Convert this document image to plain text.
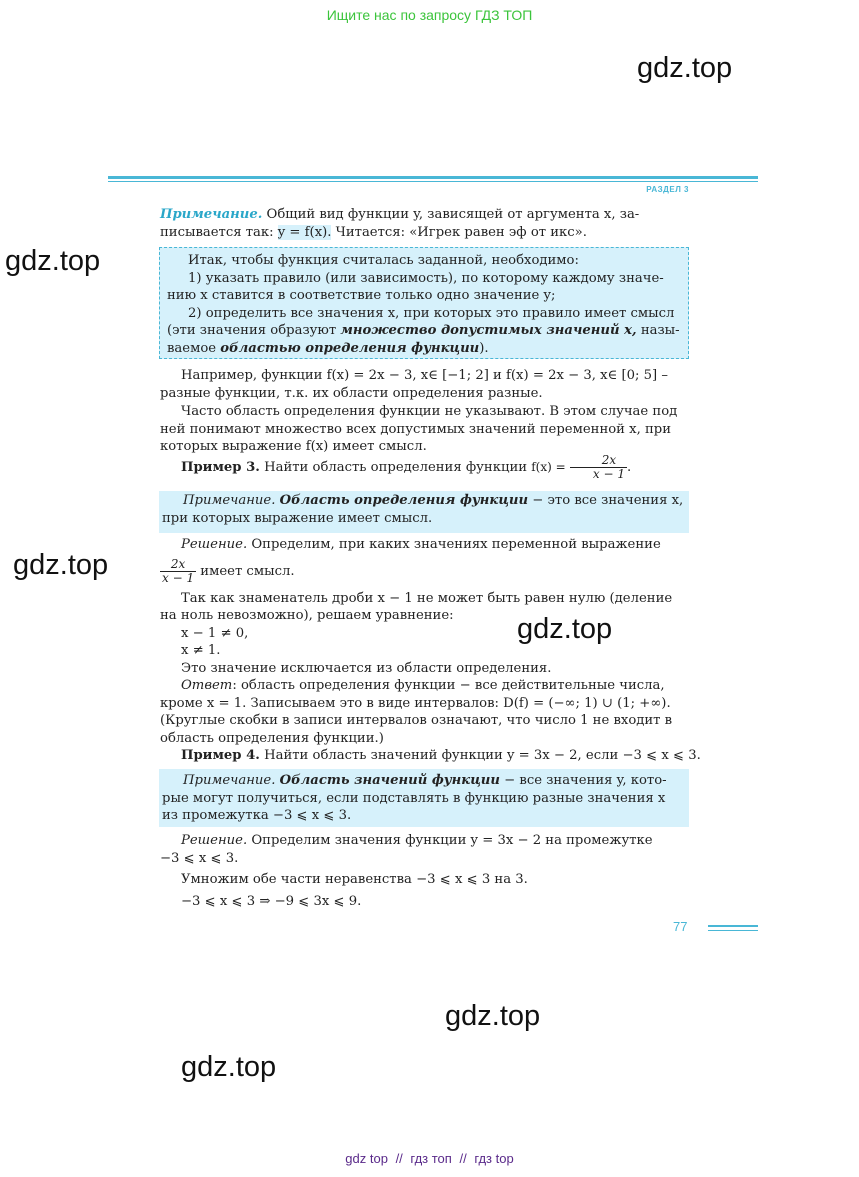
Ищите нас по запросу ГДЗ ТОП
gdz.top
gdz.top
gdz.top
gdz.top
gdz.top
gdz.top
РАЗДЕЛ 3
Примечание. Общий вид функции y, зависящей от аргумента x, за-
писывается так: y = f(x). Читается: «Игрек равен эф от икс».
Итак, чтобы функция считалась заданной, необходимо:
1) указать правило (или зависимость), по которому каждому значе-
нию x ставится в соответствие только одно значение y;
2) определить все значения x, при которых это правило имеет смысл
(эти значения образуют множество допустимых значений x, назы-
ваемое областью определения функции).
Например, функции f(x) = 2x − 3, x∈ [−1; 2] и f(x) = 2x − 3, x∈ [0; 5] –
разные функции, т.к. их области определения разные.
Часто область определения функции не указывают. В этом случае под
ней понимают множество всех допустимых значений переменной x, при
которых выражение f(x) имеет смысл.
Пример 3. Найти область определения функции $f(x) = \frac{2x}{x - 1}$ .
Примечание. Область определения функции − это все значения x,
при которых выражение имеет смысл.
Решение. Определим, при каких значениях переменной выражение
$\frac{2x}{x - 1}$ имеет смысл.
Так как знаменатель дроби x − 1 не может быть равен нулю (деление
на ноль невозможно), решаем уравнение:
x − 1 ≠ 0,
x ≠ 1.
Это значение исключается из области определения.
Ответ: область определения функции − все действительные числа,
кроме x = 1. Записываем это в виде интервалов: D(f) = (−∞; 1) ∪ (1; +∞).
(Круглые скобки в записи интервалов означают, что число 1 не входит в
область определения функции.)
Пример 4. Найти область значений функции y = 3x − 2, если −3 ⩽ x ⩽ 3.
Примечание. Область значений функции − все значения y, кото-
рые могут получиться, если подставлять в функцию разные значения x
из промежутка −3 ⩽ x ⩽ 3.
Решение. Определим значения функции y = 3x − 2 на промежутке
−3 ⩽ x ⩽ 3.
Умножим обе части неравенства −3 ⩽ x ⩽ 3 на 3.
−3 ⩽ x ⩽ 3 ⇒ −9 ⩽ 3x ⩽ 9.
77
gdz top // гдз топ // гдз top
